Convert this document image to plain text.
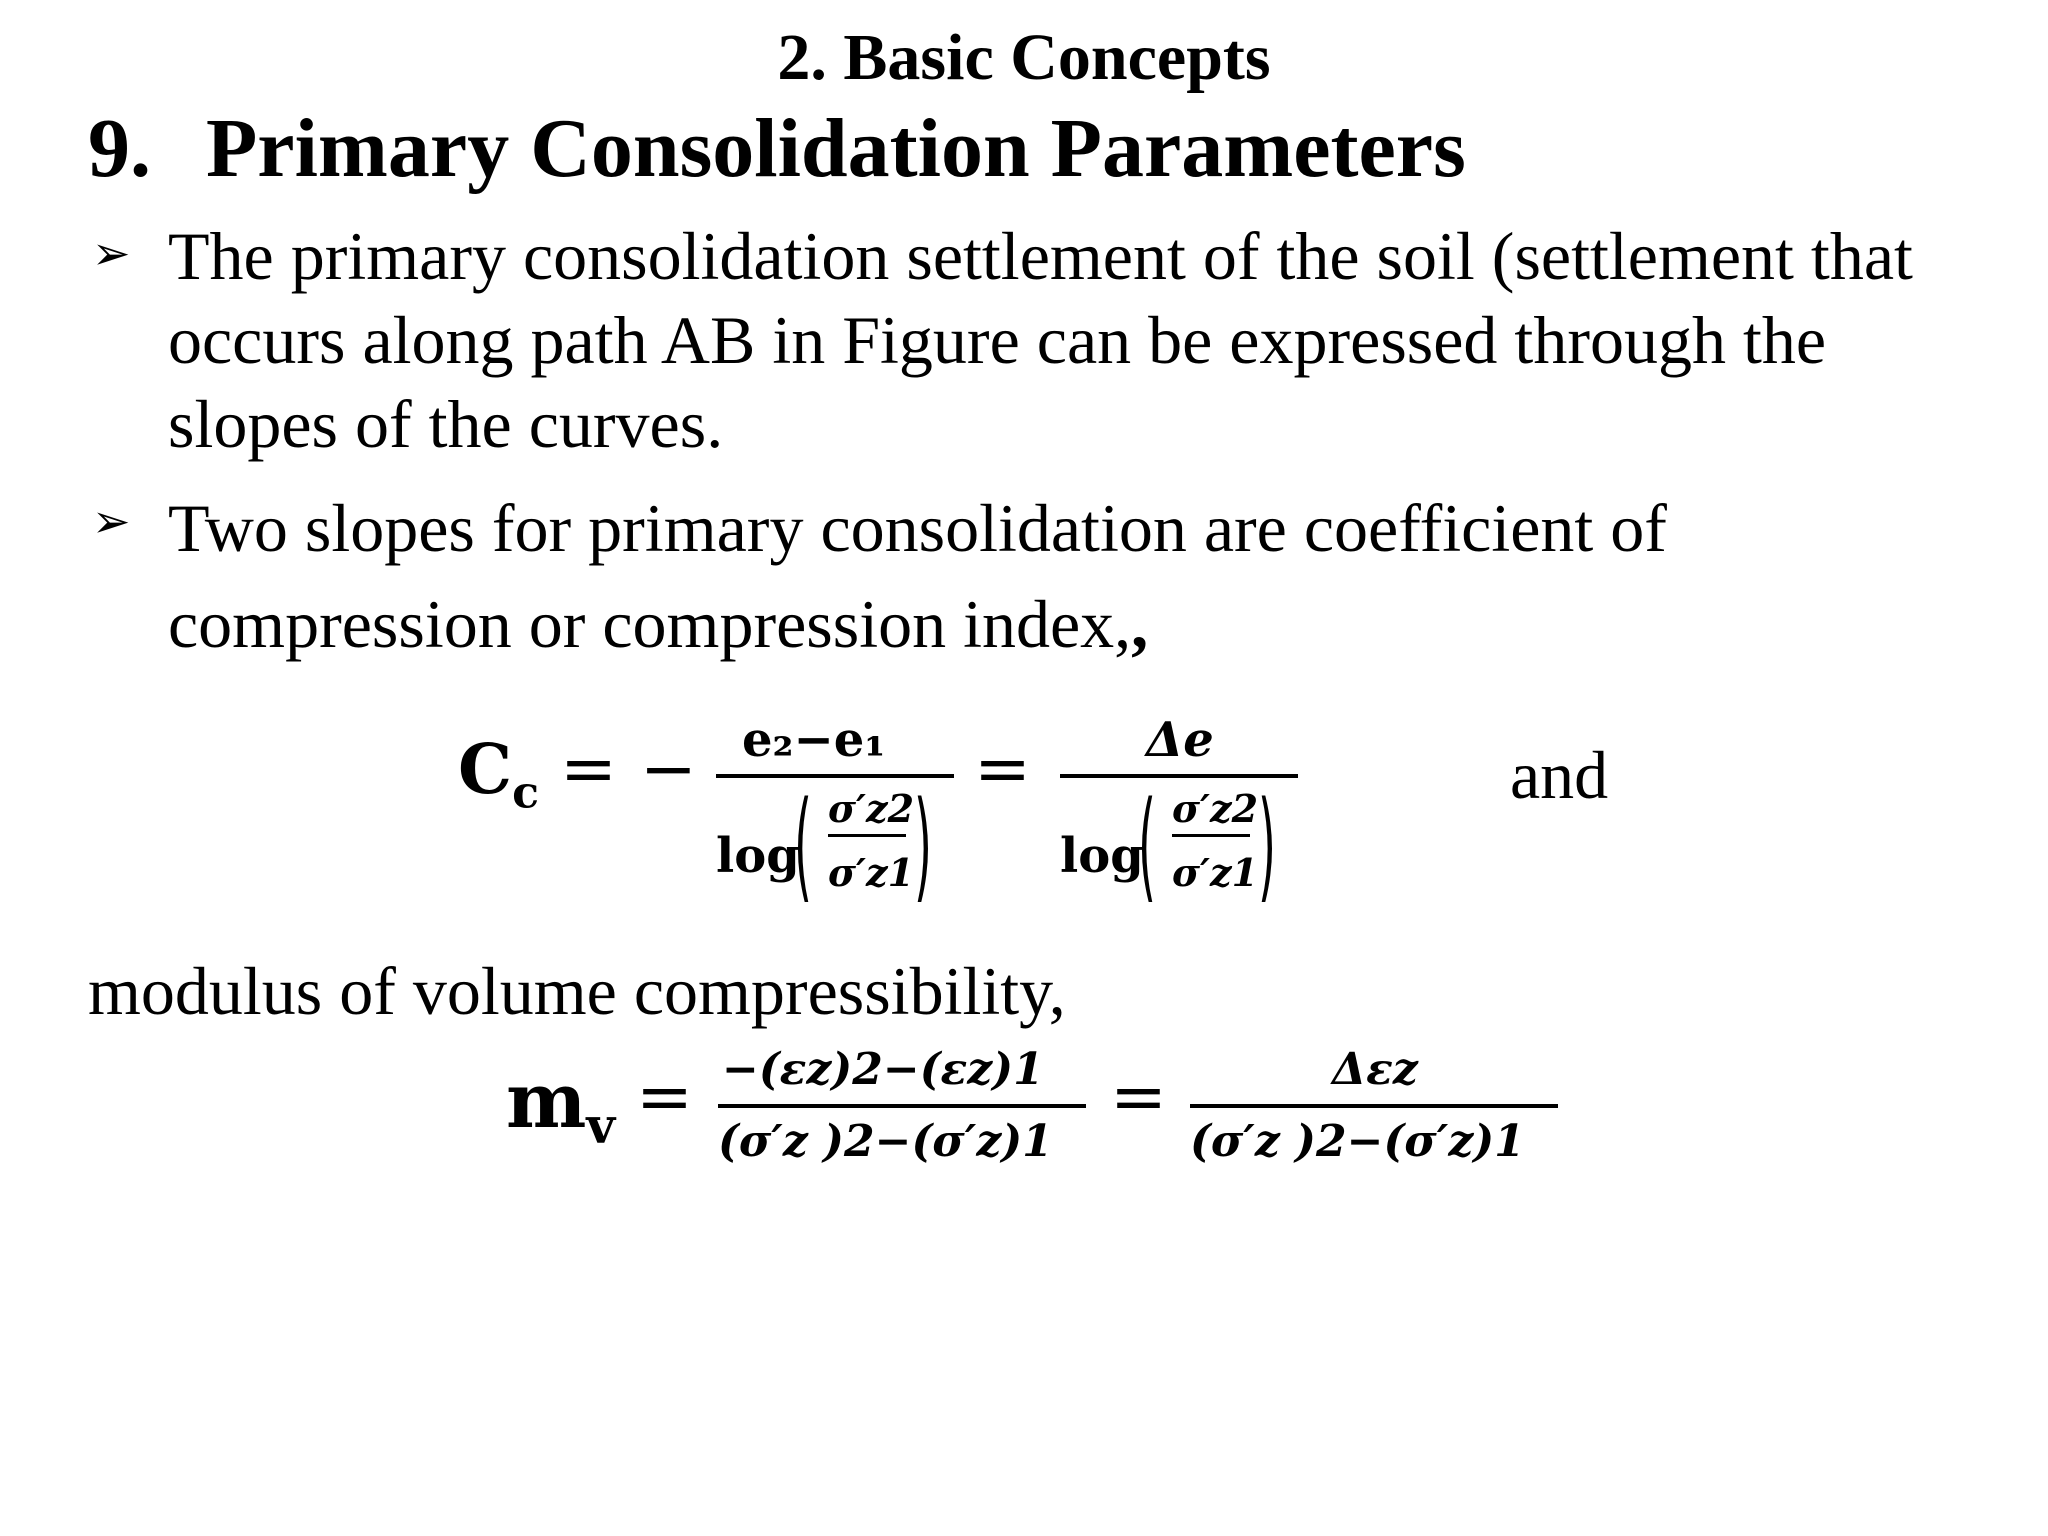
2. Basic Concepts
9. Primary Consolidation Parameters
➢ The primary consolidation settlement of the soil (settlement that
occurs along path AB in Figure can be expressed through the
slopes of the curves.
➢ Two slopes for primary consolidation are coefficient of
compression or compression index,,
$C_c$ = − e₂−e₁
log
( σ′z2
σ′z1 )
= Δe
log
( σ′z2
σ′z1 )	and
modulus of volume compressibility,
$m_v = -(\varepsilon z)2-(\varepsilon z)1$
(σ′z )2−(σ′z)1
=	Δεz
(σ′z )2−(σ′z)1
